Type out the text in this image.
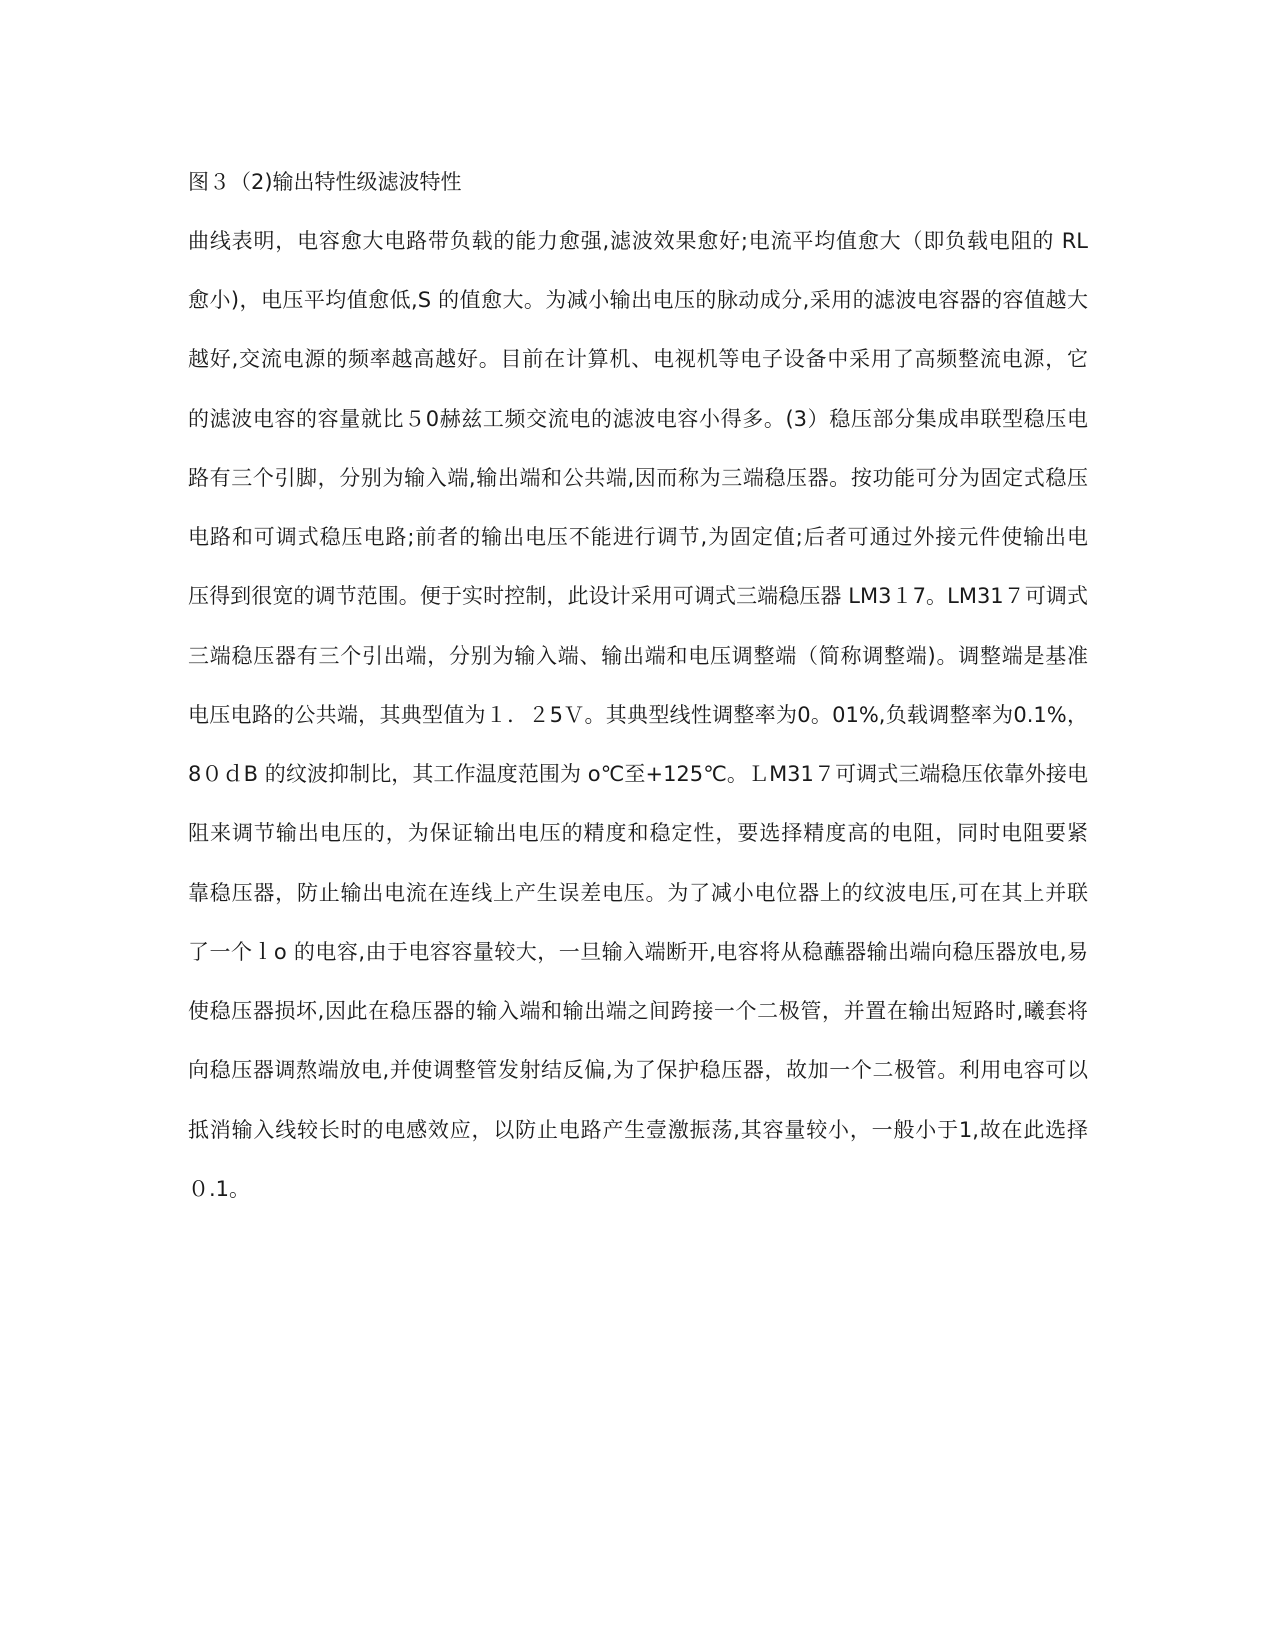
图３（2)输出特性级滤波特性
曲线表明，电容愈大电路带负载的能力愈强,滤波效果愈好;电流平均值愈大（即负载电阻的 RL
愈小)，电压平均值愈低,S 的值愈大。为减小输出电压的脉动成分,采用的滤波电容器的容值越大
越好,交流电源的频率越高越好。目前在计算机、电视机等电子设备中采用了高频整流电源，它
的滤波电容的容量就比５0赫兹工频交流电的滤波电容小得多。(3）稳压部分集成串联型稳压电
路有三个引脚，分别为输入端,输出端和公共端,因而称为三端稳压器。按功能可分为固定式稳压
电路和可调式稳压电路;前者的输出电压不能进行调节,为固定值;后者可通过外接元件使输出电
压得到很宽的调节范围。便于实时控制，此设计采用可调式三端稳压器 LM3１7。LM31７可调式
三端稳压器有三个引出端，分别为输入端、输出端和电压调整端（简称调整端)。调整端是基准
电压电路的公共端，其典型值为１．２5Ｖ。其典型线性调整率为0。01%,负载调整率为0.1%，
8０ｄB 的纹波抑制比，其工作温度范围为 o℃至+125℃。ＬM31７可调式三端稳压依靠外接电
阻来调节输出电压的，为保证输出电压的精度和稳定性，要选择精度高的电阻，同时电阻要紧
靠稳压器，防止输出电流在连线上产生误差电压。为了减小电位器上的纹波电压,可在其上并联
了一个ｌo 的电容,由于电容容量较大，一旦输入端断开,电容将从稳蘸器输出端向稳压器放电,易
使稳压器损坏,因此在稳压器的输入端和输出端之间跨接一个二极管，并置在输出短路时,曦套将
向稳压器调熬端放电,并使调整管发射结反偏,为了保护稳压器，故加一个二极管。利用电容可以
抵消输入线较长时的电感效应，以防止电路产生壹激振荡,其容量较小，一般小于1,故在此选择
０.1。
